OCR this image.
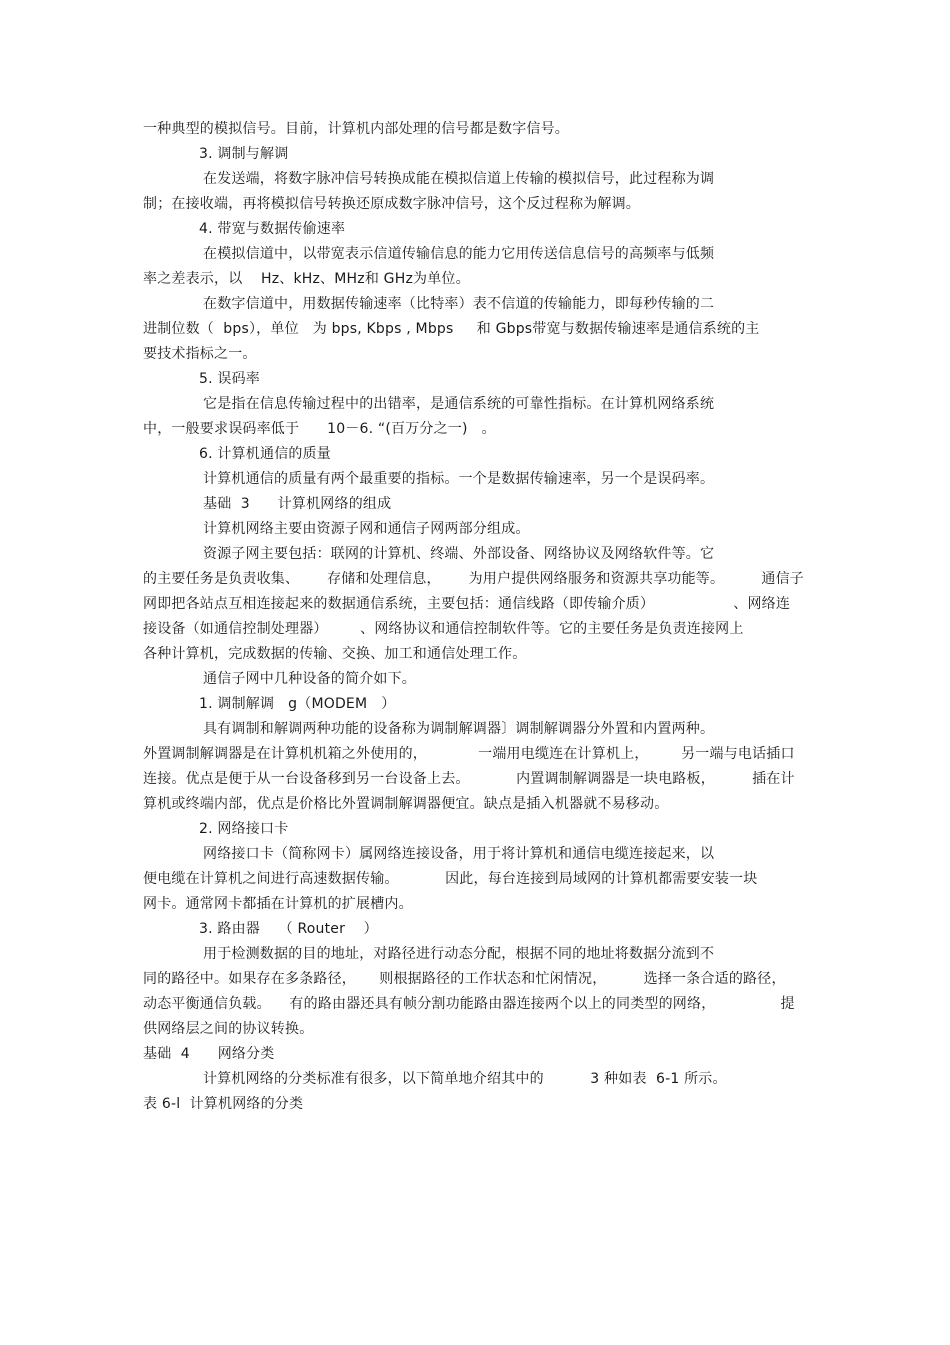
一种典型的模拟信号。目前，计算机内部处理的信号都是数字信号。
3. 调制与解调
在发送端，将数字脉冲信号转换成能在模拟信道上传输的模拟信号，此过程称为调
制；在接收端，再将模拟信号转换还原成数字脉冲信号，这个反过程称为解调。
4. 带宽与数据传偷速率
在模拟信道中，以带宽表示信道传输信息的能力它用传送信息信号的高频率与低频
率之差表示，以    Hz、kHz、MHz和 GHz为单位。
在数字信道中，用数据传输速率（比特率）表不信道的传输能力，即每秒传输的二
进制位数（  bps），单位   为 bps, Kbps , Mbps     和 Gbps带宽与数据传输速率是通信系统的主
要技术指标之一。
5. 误码率
它是指在信息传输过程中的出错率，是通信系统的可靠性指标。在计算机网络系统
中，一般要求误码率低于      10－6. “(百万分之一)   。
6. 计算机通信的质量
计算机通信的质量有两个最重要的指标。一个是数据传输速率，另一个是误码率。
基础  3      计算机网络的组成
计算机网络主要由资源子网和通信子网两部分组成。
资源子网主要包括：联网的计算机、终端、外部设备、网络协议及网络软件等。它
的主要任务是负责收集、      存储和处理信息，      为用户提供网络服务和资源共享功能等。        通信子
网即把各站点互相连接起来的数据通信系统，主要包括：通信线路（即传输介质）                 、网络连
接设备（如通信控制处理器）       、网络协议和通信控制软件等。它的主要任务是负责连接网上
各种计算机，完成数据的传输、交换、加工和通信处理工作。
通信子网中几种设备的简介如下。
1. 调制解调   g（MODEM   ）
具有调制和解调两种功能的设备称为调制解调器〕调制解调器分外置和内置两种。
外置调制解调器是在计算机机箱之外使用的，           一端用电缆连在计算机上，       另一端与电话插口
连接。优点是便于从一台设备移到另一台设备上去。          内置调制解调器是一块电路板，        插在计
算机或终端内部，优点是价格比外置调制解调器便宜。缺点是插入机器就不易移动。
2. 网络接口卡
网络接口卡（简称网卡）属网络连接设备，用于将计算机和通信电缆连接起来，以
便电缆在计算机之间进行高速数据传输。          因此，每台连接到局域网的计算机都需要安装一块
网卡。通常网卡都插在计算机的扩展槽内。
3. 路由器    （ Router    ）
用于检测数据的目的地址，对路径进行动态分配，根据不同的地址将数据分流到不
同的路径中。如果存在多条路径，     则根据路径的工作状态和忙闲情况，        选择一条合适的路径，
动态平衡通信负载。    有的路由器还具有帧分割功能路由器连接两个以上的同类型的网络，              提
供网络层之间的协议转换。
基础  4      网络分类
计算机网络的分类标准有很多，以下简单地介绍其中的          3 种如表  6-1 所示。
表 6-l  计算机网络的分类
